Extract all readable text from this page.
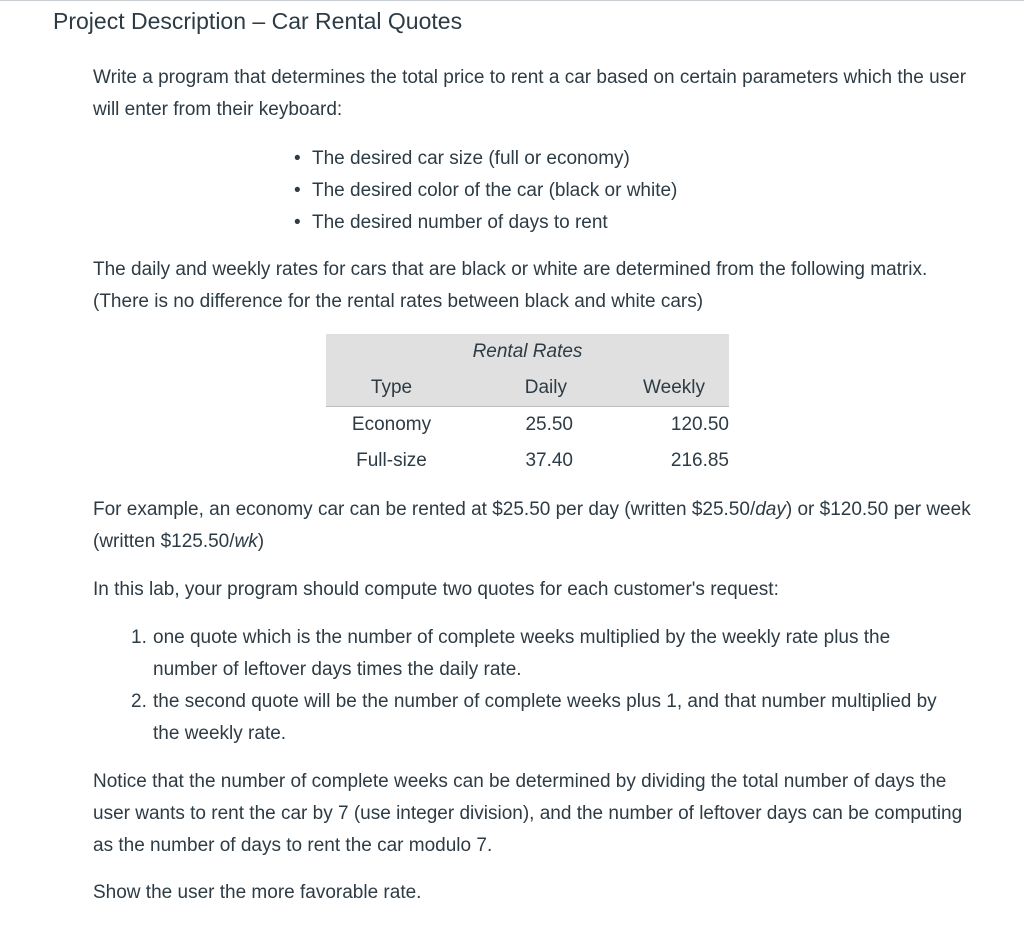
Project Description – Car Rental Quotes

Write a program that determines the total price to rent a car based on certain parameters which the user will enter from their keyboard:

• The desired car size (full or economy)
• The desired color of the car (black or white)
• The desired number of days to rent

The daily and weekly rates for cars that are black or white are determined from the following matrix. (There is no difference for the rental rates between black and white cars)

Rental Rates		
Type	Daily	Weekly
Economy	25.50	120.50
Full-size	37.40	216.85

For example, an economy car can be rented at $25.50 per day (written $25.50/day) or $120.50 per week (written $125.50/wk)

In this lab, your program should compute two quotes for each customer's request:

1. one quote which is the number of complete weeks multiplied by the weekly rate plus the number of leftover days times the daily rate.
2. the second quote will be the number of complete weeks plus 1, and that number multiplied by the weekly rate.

Notice that the number of complete weeks can be determined by dividing the total number of days the user wants to rent the car by 7 (use integer division), and the number of leftover days can be computing as the number of days to rent the car modulo 7.

Show the user the more favorable rate.
